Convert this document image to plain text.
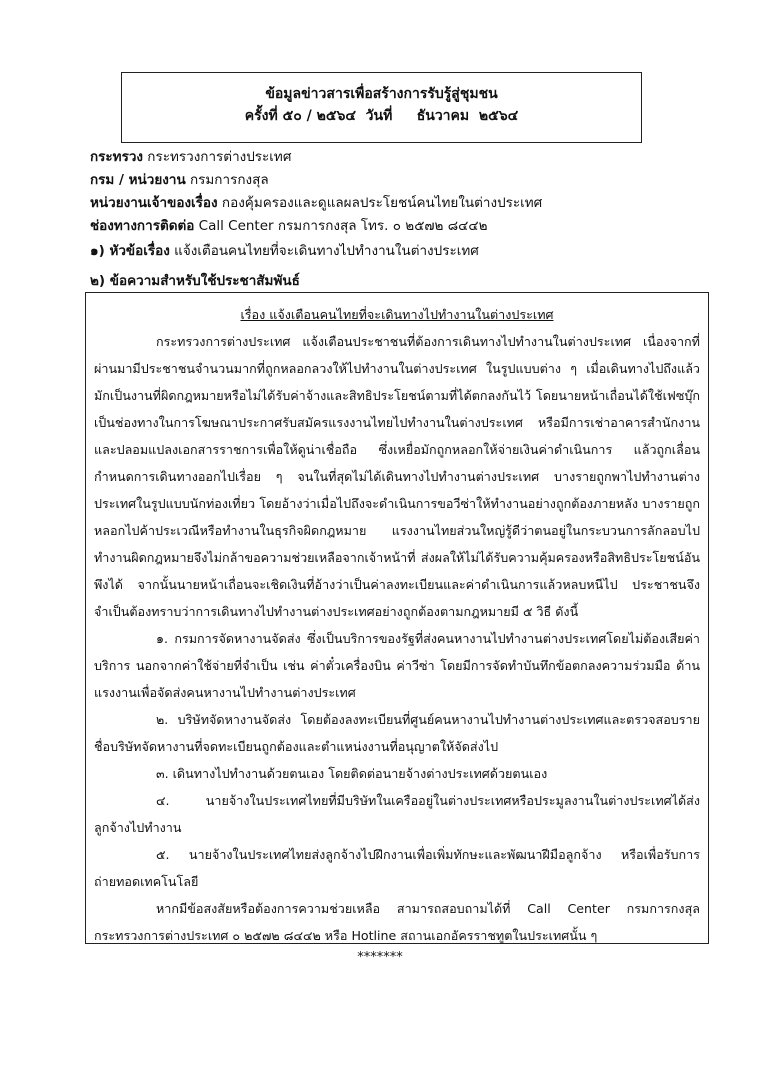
ข้อมูลข่าวสารเพื่อสร้างการรับรู้สู่ชุมชน
ครั้งที่ ๕๐ / ๒๕๖๔  วันที่     ธันวาคม  ๒๕๖๔
กระทรวง กระทรวงการต่างประเทศ
กรม / หน่วยงาน กรมการกงสุล
หน่วยงานเจ้าของเรื่อง กองคุ้มครองและดูแลผลประโยชน์คนไทยในต่างประเทศ
ช่องทางการติดต่อ Call Center กรมการกงสุล โทร. ๐ ๒๕๗๒ ๘๔๔๒
๑) หัวข้อเรื่อง แจ้งเตือนคนไทยที่จะเดินทางไปทำงานในต่างประเทศ
๒) ข้อความสำหรับใช้ประชาสัมพันธ์
เรื่อง แจ้งเตือนคนไทยที่จะเดินทางไปทำงานในต่างประเทศ
กระทรวงการต่างประเทศ แจ้งเตือนประชาชนที่ต้องการเดินทางไปทำงานในต่างประเทศ เนื่องจากที่ผ่านมามีประชาชนจำนวนมากที่ถูกหลอกลวงให้ไปทำงานในต่างประเทศ ในรูปแบบต่าง ๆ เมื่อเดินทางไปถึงแล้วมักเป็นงานที่ผิดกฎหมายหรือไม่ได้รับค่าจ้างและสิทธิประโยชน์ตามที่ได้ตกลงกันไว้ โดยนายหน้าเถื่อนได้ใช้เฟซบุ๊กเป็นช่องทางในการโฆษณาประกาศรับสมัครแรงงานไทยไปทำงานในต่างประเทศ หรือมีการเช่าอาคารสำนักงานและปลอมแปลงเอกสารราชการเพื่อให้ดูน่าเชื่อถือ ซึ่งเหยื่อมักถูกหลอกให้จ่ายเงินค่าดำเนินการ แล้วถูกเลื่อนกำหนดการเดินทางออกไปเรื่อย ๆ จนในที่สุดไม่ได้เดินทางไปทำงานต่างประเทศ บางรายถูกพาไปทำงานต่างประเทศในรูปแบบนักท่องเที่ยว โดยอ้างว่าเมื่อไปถึงจะดำเนินการขอวีซ่าให้ทำงานอย่างถูกต้องภายหลัง บางรายถูกหลอกไปค้าประเวณีหรือทำงานในธุรกิจผิดกฎหมาย แรงงานไทยส่วนใหญ่รู้ดีว่าตนอยู่ในกระบวนการลักลอบไปทำงานผิดกฎหมายจึงไม่กล้าขอความช่วยเหลือจากเจ้าหน้าที่ ส่งผลให้ไม่ได้รับความคุ้มครองหรือสิทธิประโยชน์อันพึงได้ จากนั้นนายหน้าเถื่อนจะเชิดเงินที่อ้างว่าเป็นค่าลงทะเบียนและค่าดำเนินการแล้วหลบหนีไป ประชาชนจึงจำเป็นต้องทราบว่าการเดินทางไปทำงานต่างประเทศอย่างถูกต้องตามกฎหมายมี ๕ วิธี ดังนี้
๑. กรมการจัดหางานจัดส่ง ซึ่งเป็นบริการของรัฐที่ส่งคนหางานไปทำงานต่างประเทศโดยไม่ต้องเสียค่าบริการ นอกจากค่าใช้จ่ายที่จำเป็น เช่น ค่าตั๋วเครื่องบิน ค่าวีซ่า โดยมีการจัดทำบันทึกข้อตกลงความร่วมมือ ด้านแรงงานเพื่อจัดส่งคนหางานไปทำงานต่างประเทศ
๒. บริษัทจัดหางานจัดส่ง โดยต้องลงทะเบียนที่ศูนย์คนหางานไปทำงานต่างประเทศและตรวจสอบรายชื่อบริษัทจัดหางานที่จดทะเบียนถูกต้องและตำแหน่งงานที่อนุญาตให้จัดส่งไป
๓. เดินทางไปทำงานด้วยตนเอง โดยติดต่อนายจ้างต่างประเทศด้วยตนเอง
๔. นายจ้างในประเทศไทยที่มีบริษัทในเครืออยู่ในต่างประเทศหรือประมูลงานในต่างประเทศได้ส่งลูกจ้างไปทำงาน
๕. นายจ้างในประเทศไทยส่งลูกจ้างไปฝึกงานเพื่อเพิ่มทักษะและพัฒนาฝีมือลูกจ้าง หรือเพื่อรับการถ่ายทอดเทคโนโลยี
หากมีข้อสงสัยหรือต้องการความช่วยเหลือ สามารถสอบถามได้ที่ Call Center กรมการกงสุล กระทรวงการต่างประเทศ ๐ ๒๕๗๒ ๘๔๔๒ หรือ Hotline สถานเอกอัครราชทูตในประเทศนั้น ๆ
*******
